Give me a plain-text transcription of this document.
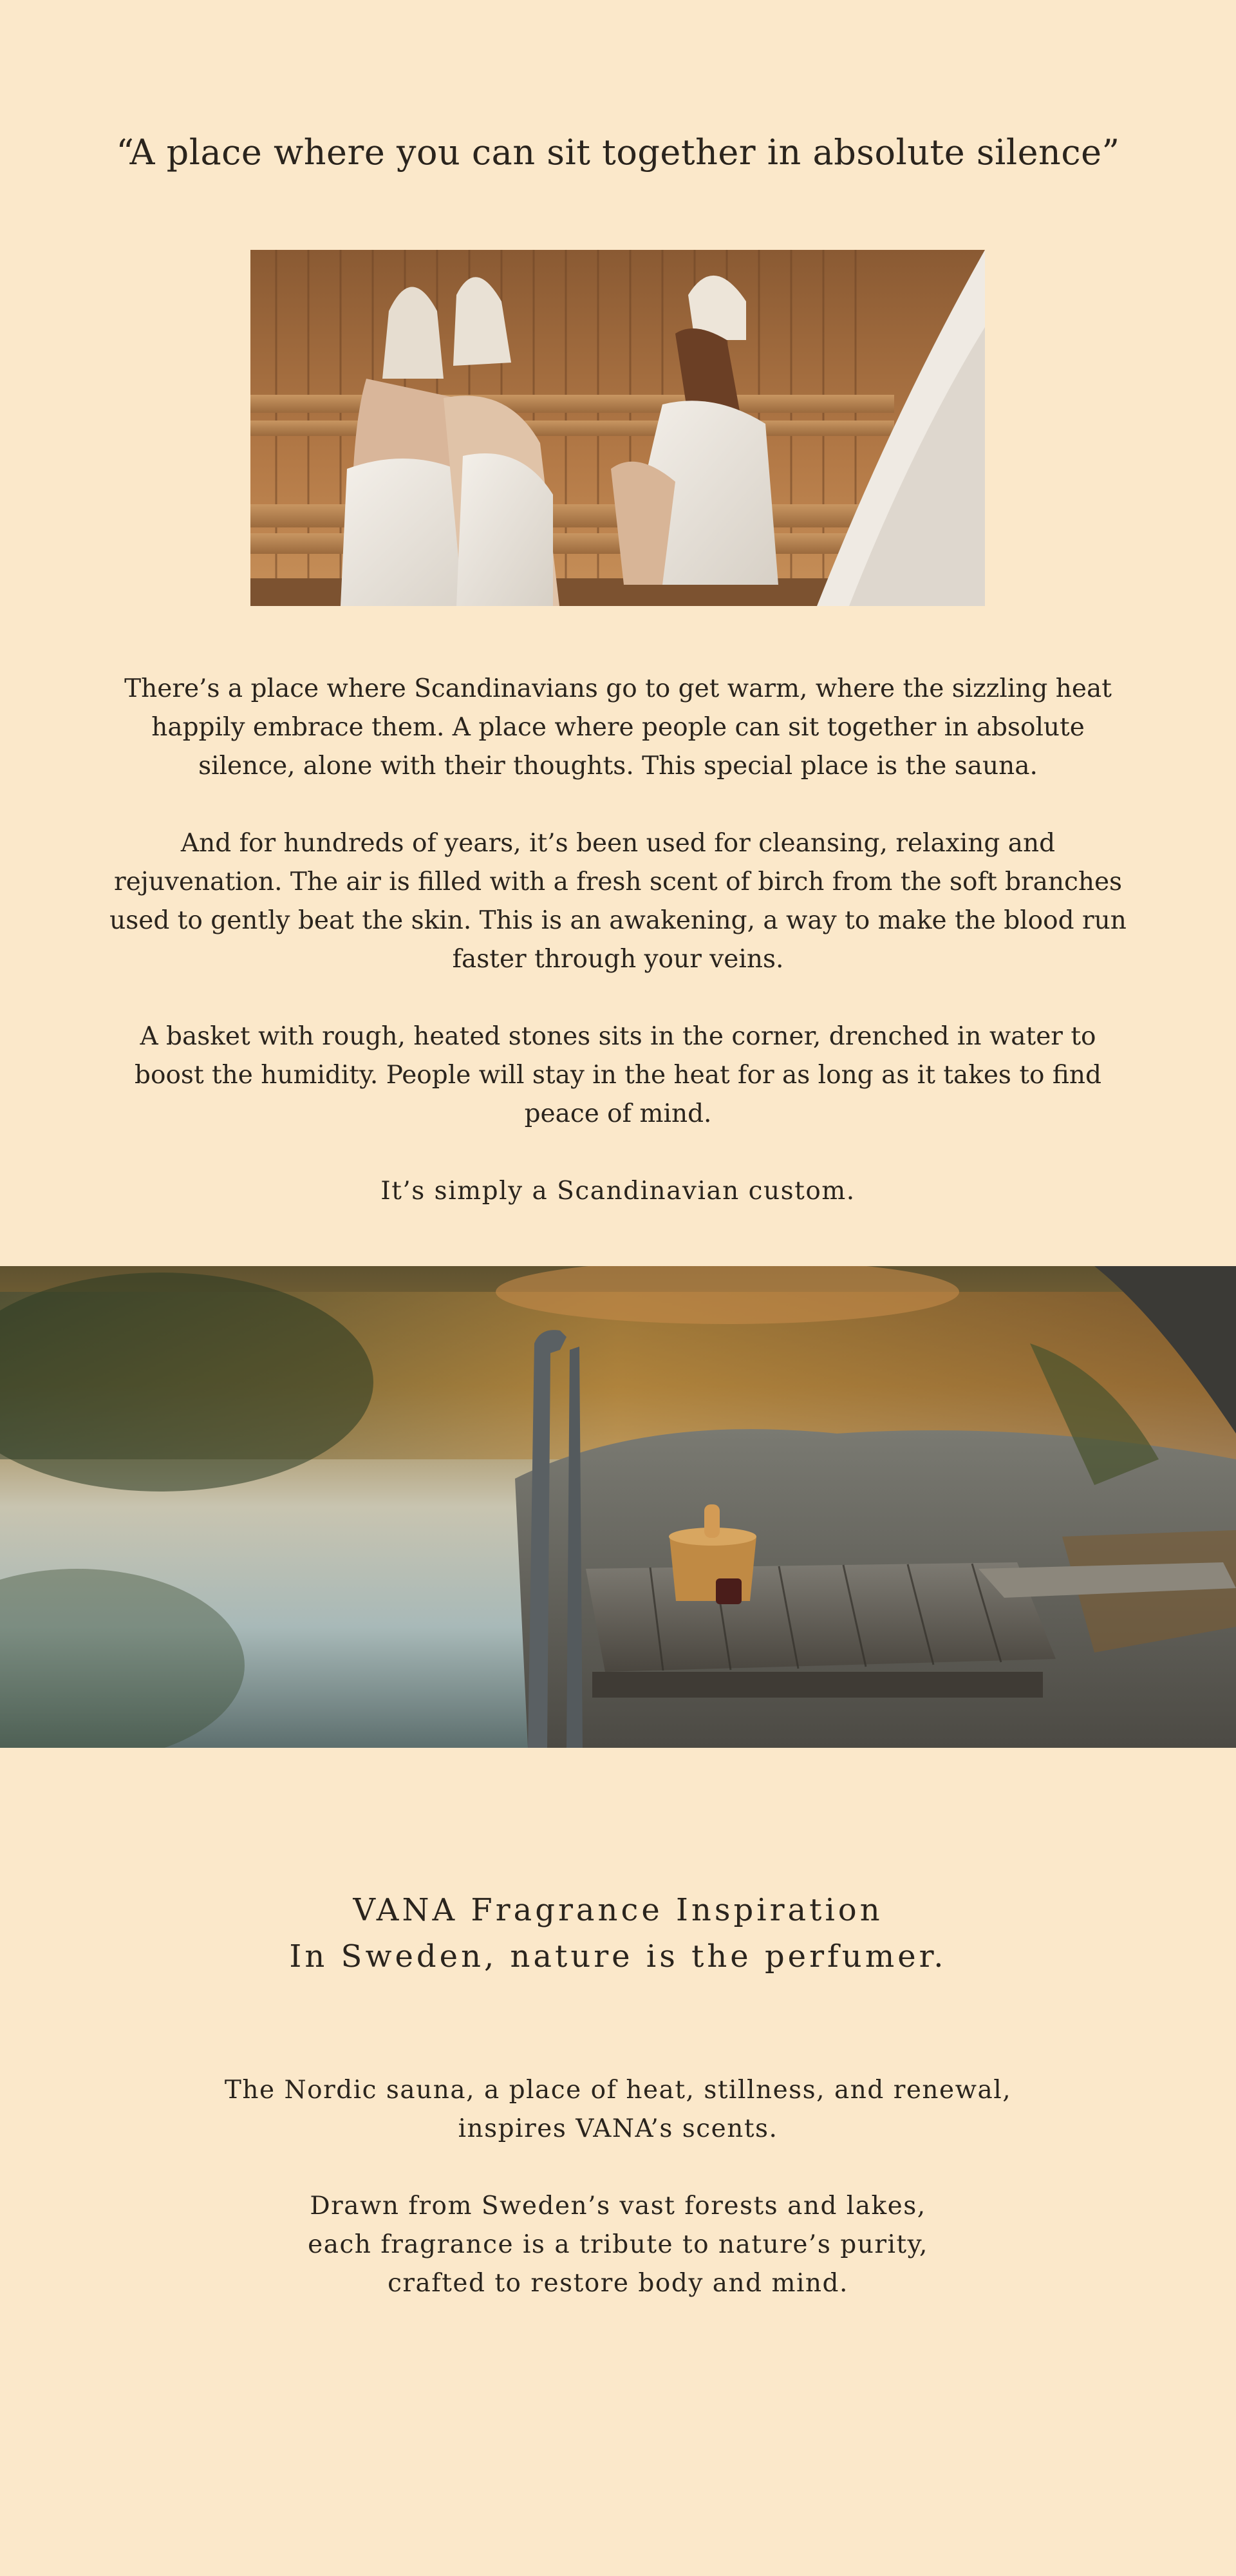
“A place where you can sit together in absolute silence”

There’s a place where Scandinavians go to get warm, where the sizzling heat happily embrace them. A place where people can sit together in absolute silence, alone with their thoughts. This special place is the sauna.

And for hundreds of years, it’s been used for cleansing, relaxing and rejuvenation. The air is filled with a fresh scent of birch from the soft branches used to gently beat the skin. This is an awakening, a way to make the blood run faster through your veins.

A basket with rough, heated stones sits in the corner, drenched in water to boost the humidity. People will stay in the heat for as long as it takes to find peace of mind.

It’s simply a Scandinavian custom.

VANA Fragrance Inspiration
In Sweden, nature is the perfumer.

The Nordic sauna, a place of heat, stillness, and renewal,
inspires VANA’s scents.

Drawn from Sweden’s vast forests and lakes,
each fragrance is a tribute to nature’s purity,
crafted to restore body and mind.
